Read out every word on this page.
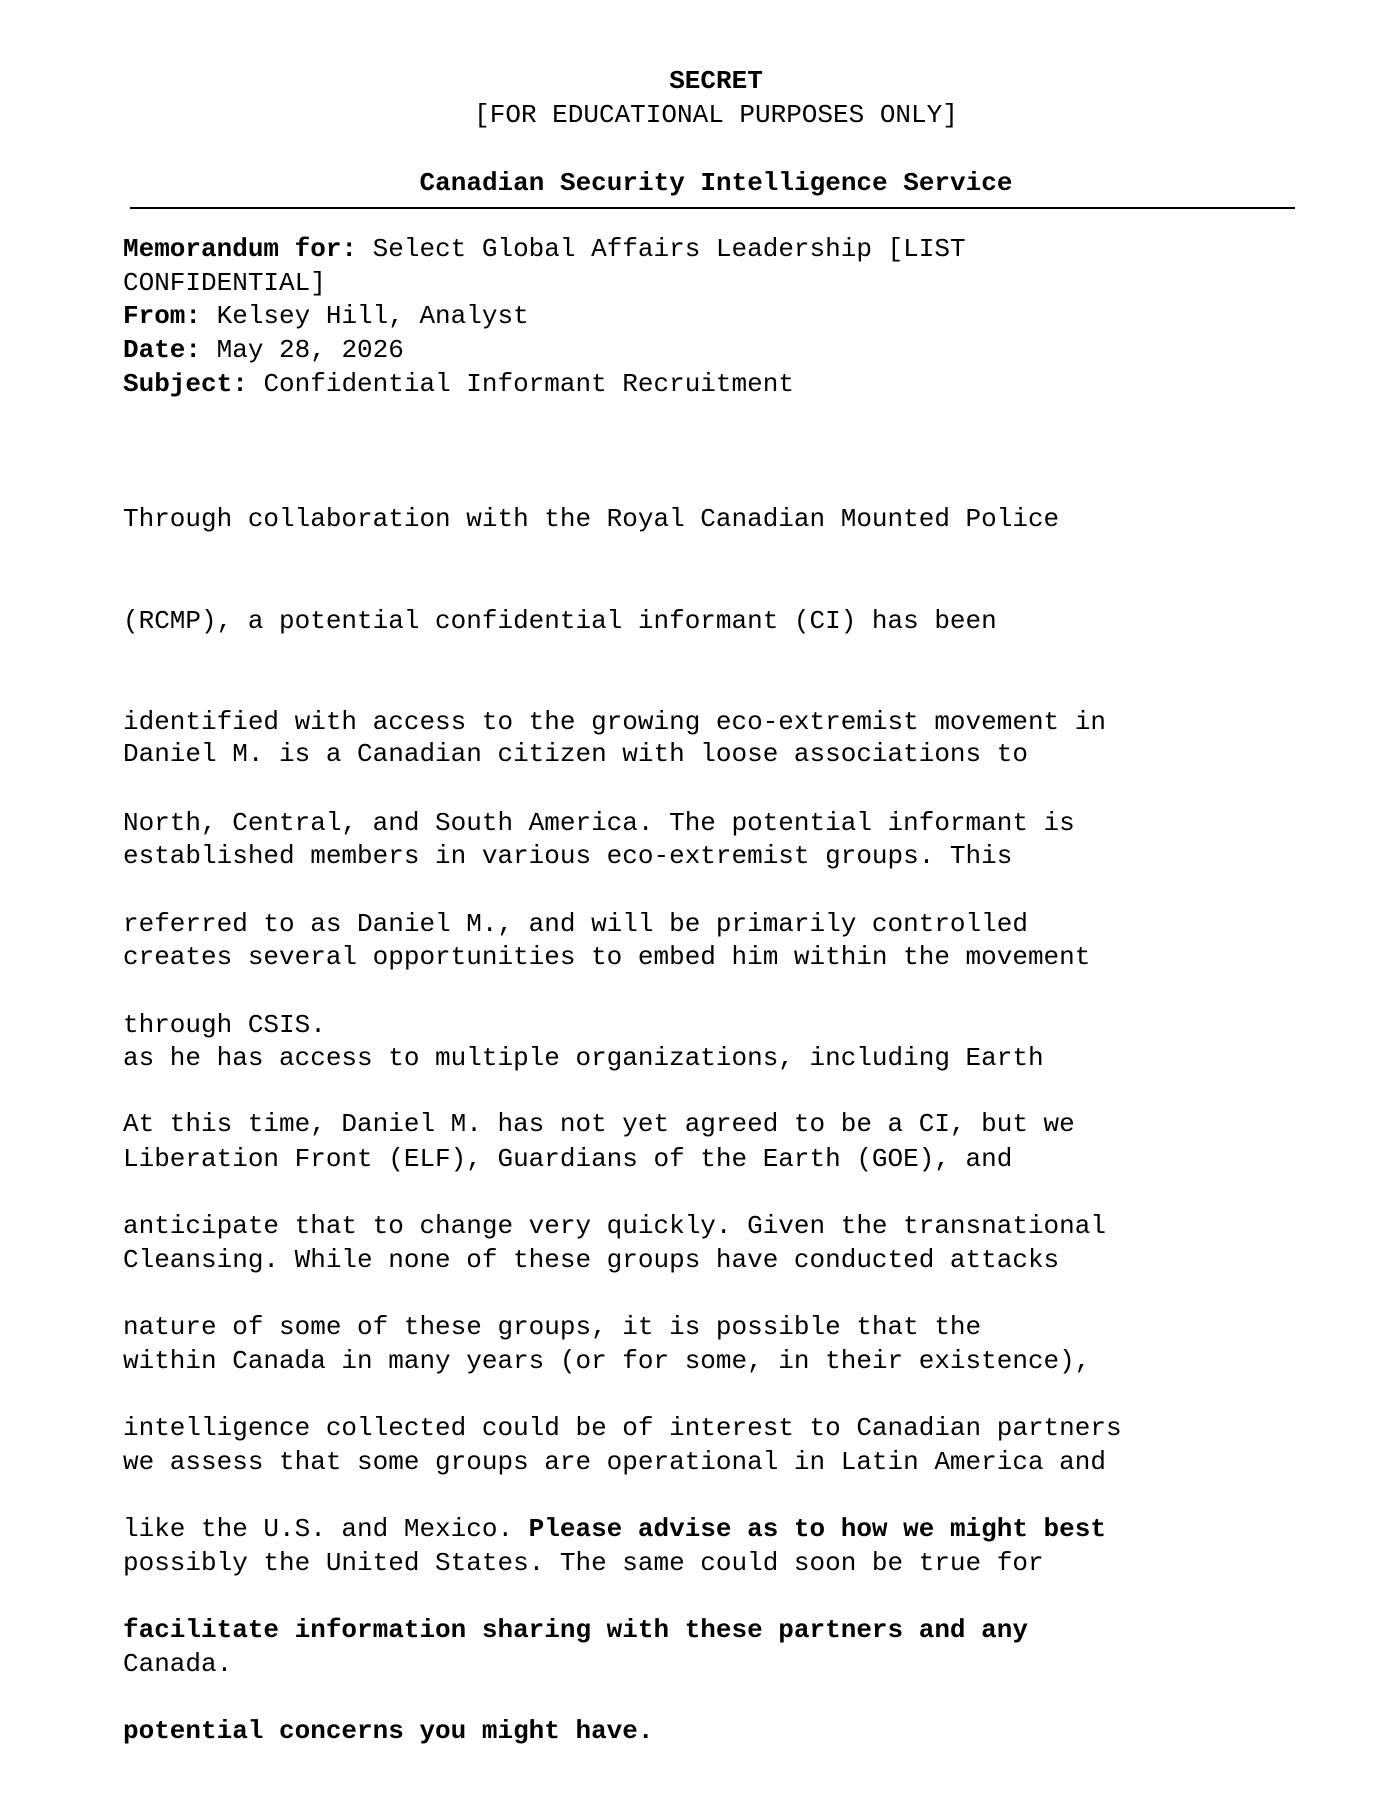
SECRET
[FOR EDUCATIONAL PURPOSES ONLY]
Canadian Security Intelligence Service
Memorandum for: Select Global Affairs Leadership [LIST
CONFIDENTIAL]
From: Kelsey Hill, Analyst
Date: May 28, 2026
Subject: Confidential Informant Recruitment

Through collaboration with the Royal Canadian Mounted Police

(RCMP), a potential confidential informant (CI) has been

identified with access to the growing eco-extremist movement in

North, Central, and South America. The potential informant is

referred to as Daniel M., and will be primarily controlled

through CSIS.

Daniel M. is a Canadian citizen with loose associations to

established members in various eco-extremist groups. This

creates several opportunities to embed him within the movement

as he has access to multiple organizations, including Earth

Liberation Front (ELF), Guardians of the Earth (GOE), and

Cleansing. While none of these groups have conducted attacks

within Canada in many years (or for some, in their existence),

we assess that some groups are operational in Latin America and

possibly the United States. The same could soon be true for

Canada.

At this time, Daniel M. has not yet agreed to be a CI, but we

anticipate that to change very quickly. Given the transnational

nature of some of these groups, it is possible that the

intelligence collected could be of interest to Canadian partners

like the U.S. and Mexico. Please advise as to how we might best

facilitate information sharing with these partners and any

potential concerns you might have.
